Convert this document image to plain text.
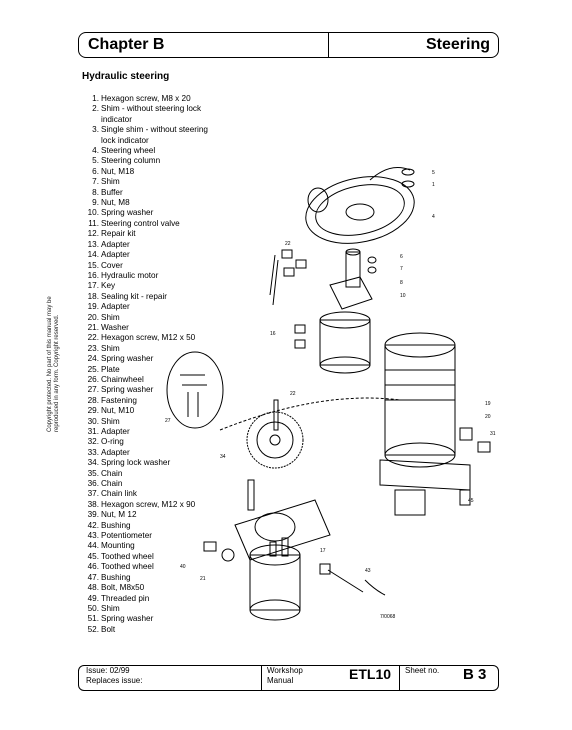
Chapter B	Steering
Hydraulic steering
1. Hexagon screw, M8 x 20
2. Shim - without steering lock
indicator
3. Single shim - without steering
lock indicator
4. Steering wheel
5. Steering column
6. Nut, M18
7. Shim
8. Buffer
9. Nut, M8
10. Spring washer
11. Steering control valve
12. Repair kit
13. Adapter
14. Adapter
15. Cover
16. Hydraulic motor
17. Key
18. Sealing kit - repair
19. Adapter
20. Shim
21. Washer
22. Hexagon screw, M12 x 50
23. Shim
24. Spring washer
25. Plate
26. Chainwheel
27. Spring washer
28. Fastening
29. Nut, M10
30. Shim
31. Adapter
32. O-ring
33. Adapter
34. Spring lock washer
35. Chain
36. Chain
37. Chain link
38. Hexagon screw, M12 x 90
39. Nut, M 12
42. Bushing
43. Potentiometer
44. Mounting
45. Toothed wheel
46. Toothed wheel
47. Bushing
48. Bolt, M8x50
49. Threaded pin
50. Shim
51. Spring washer
52. Bolt
Copyright protected. No part of this manual may be reproduced in any form. Copyright reserved.
5
1
4
6
7
8
10
22
16
27
22
19
20
31
45
34
17
40
21
43
7/0068
Issue: 02/99
Replaces issue:
Workshop
Manual	ETL10 Sheet no. B 3
